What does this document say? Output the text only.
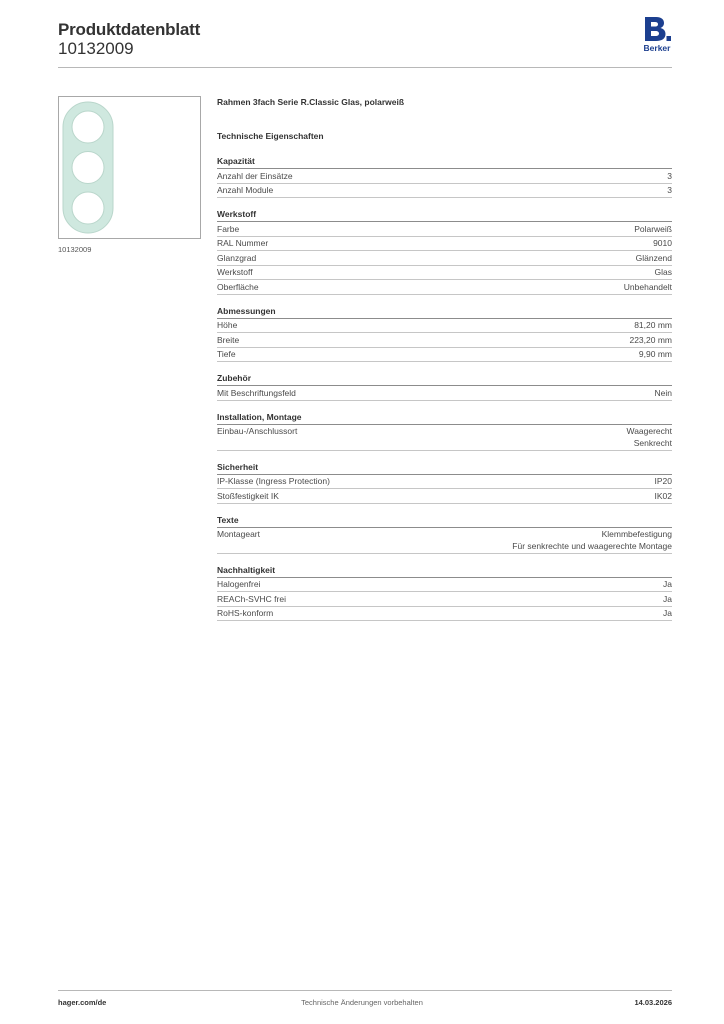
Produktdatenblatt
10132009	Berker
10132009
Rahmen 3fach Serie R.Classic Glas, polarweiß
Technische Eigenschaften
Kapazität
Anzahl der Einsätze	3
Anzahl Module	3
Werkstoff
Farbe	Polarweiß
RAL Nummer	9010
Glanzgrad	Glänzend
Werkstoff	Glas
Oberfläche	Unbehandelt
Abmessungen
Höhe	81,20 mm
Breite	223,20 mm
Tiefe	9,90 mm
Zubehör
Mit Beschriftungsfeld	Nein
Installation, Montage
Einbau-/Anschlussort	Waagerecht
Senkrecht
Sicherheit
IP-Klasse (Ingress Protection)	IP20
Stoßfestigkeit IK	IK02
Texte
Montageart	Klemmbefestigung
Für senkrechte und waagerechte Montage
Nachhaltigkeit
Halogenfrei	Ja
REACh-SVHC frei	Ja
RoHS-konform	Ja
hager.com/de	Technische Änderungen vorbehalten	14.03.2026
